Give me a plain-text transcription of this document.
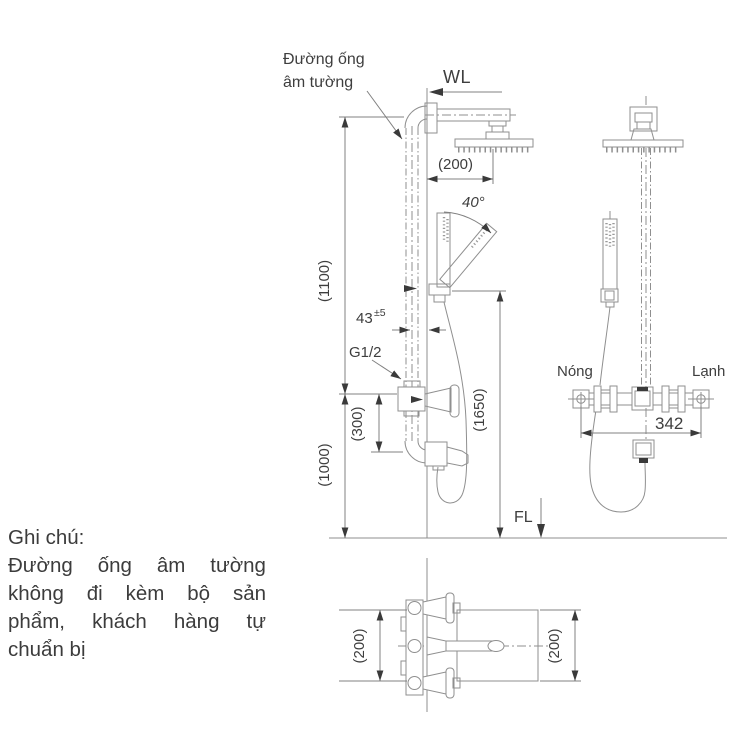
Đường ống
âm tường	WL
(200)
40°
43 ±5
G1/2
(300)
(1100)
(1000)
(1650)
FL
Nóng	Lạnh
342
(200)	(200)
Ghi chú:
Đường ống âm tường
không đi kèm bộ sản
phẩm, khách hàng tự
chuẩn bị
